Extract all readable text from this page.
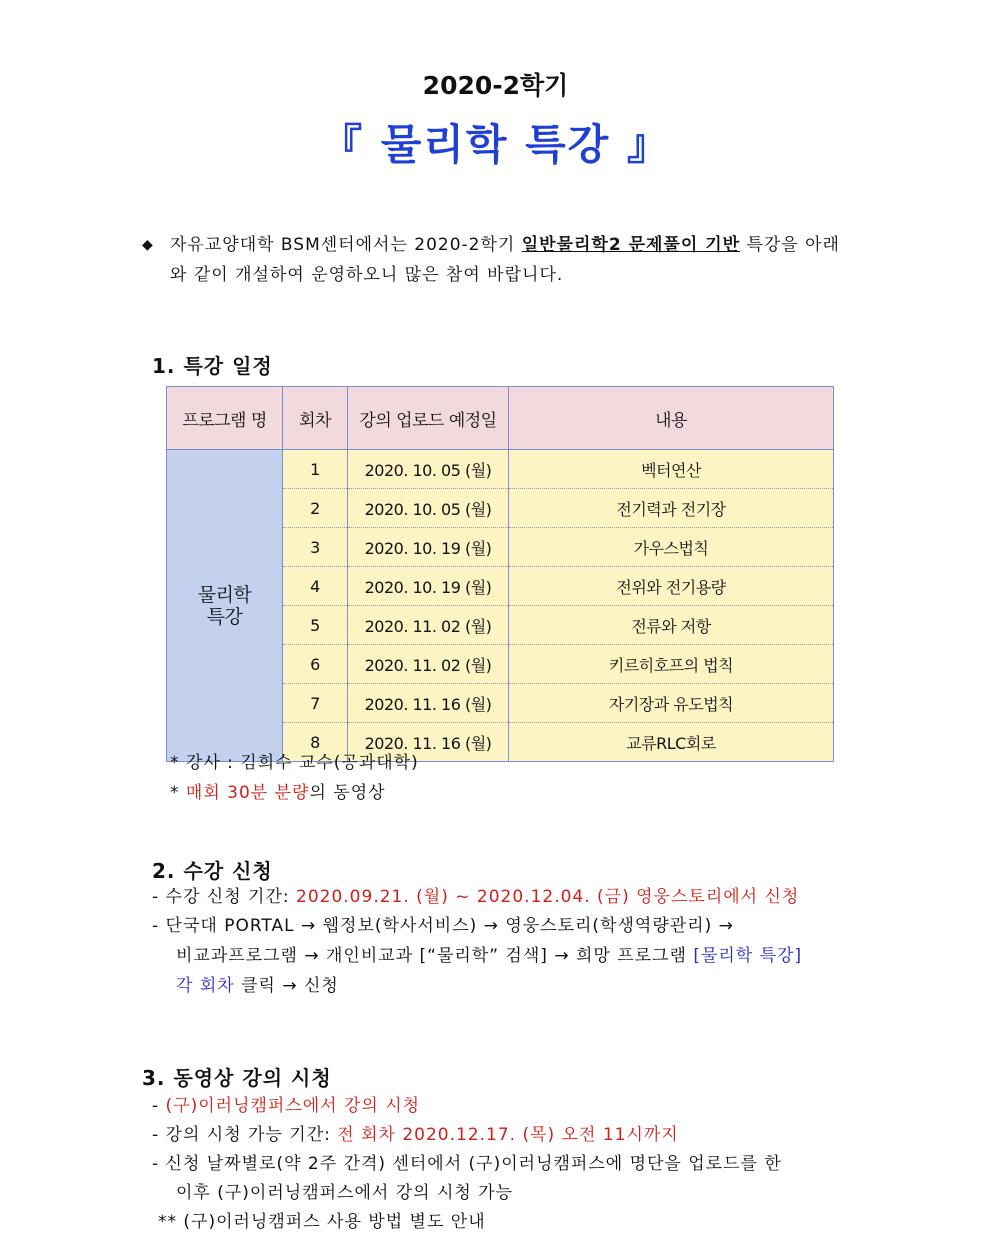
2020-2학기
『 물리학 특강 』
◆ 자유교양대학 BSM센터에서는 2020-2학기 일반물리학2 문제풀이 기반 특강을 아래와 같이 개설하여 운영하오니 많은 참여 바랍니다.
1. 특강 일정
프로그램 명	회차	강의 업로드 예정일	내용
물리학
특강	1	2020. 10. 05 (월)	벡터연산
	2	2020. 10. 05 (월)	전기력과 전기장
	3	2020. 10. 19 (월)	가우스법칙
	4	2020. 10. 19 (월)	전위와 전기용량
	5	2020. 11. 02 (월)	전류와 저항
	6	2020. 11. 02 (월)	키르히호프의 법칙
	7	2020. 11. 16 (월)	자기장과 유도법칙
	8	2020. 11. 16 (월)	교류RLC회로
* 강사 : 김희수 교수(공과대학)
* 매회 30분 분량의 동영상
2. 수강 신청
- 수강 신청 기간: 2020.09.21. (월) ~ 2020.12.04. (금) 영웅스토리에서 신청
- 단국대 PORTAL → 웹정보(학사서비스) → 영웅스토리(학생역량관리) →
비교과프로그램 → 개인비교과 [“물리학” 검색] → 희망 프로그램 [물리학 특강]
각 회차 클릭 → 신청
3. 동영상 강의 시청
- (구)이러닝캠퍼스에서 강의 시청
- 강의 시청 가능 기간: 전 회차 2020.12.17. (목) 오전 11시까지
- 신청 날짜별로(약 2주 간격) 센터에서 (구)이러닝캠퍼스에 명단을 업로드를 한
이후 (구)이러닝캠퍼스에서 강의 시청 가능
** (구)이러닝캠퍼스 사용 방법 별도 안내
